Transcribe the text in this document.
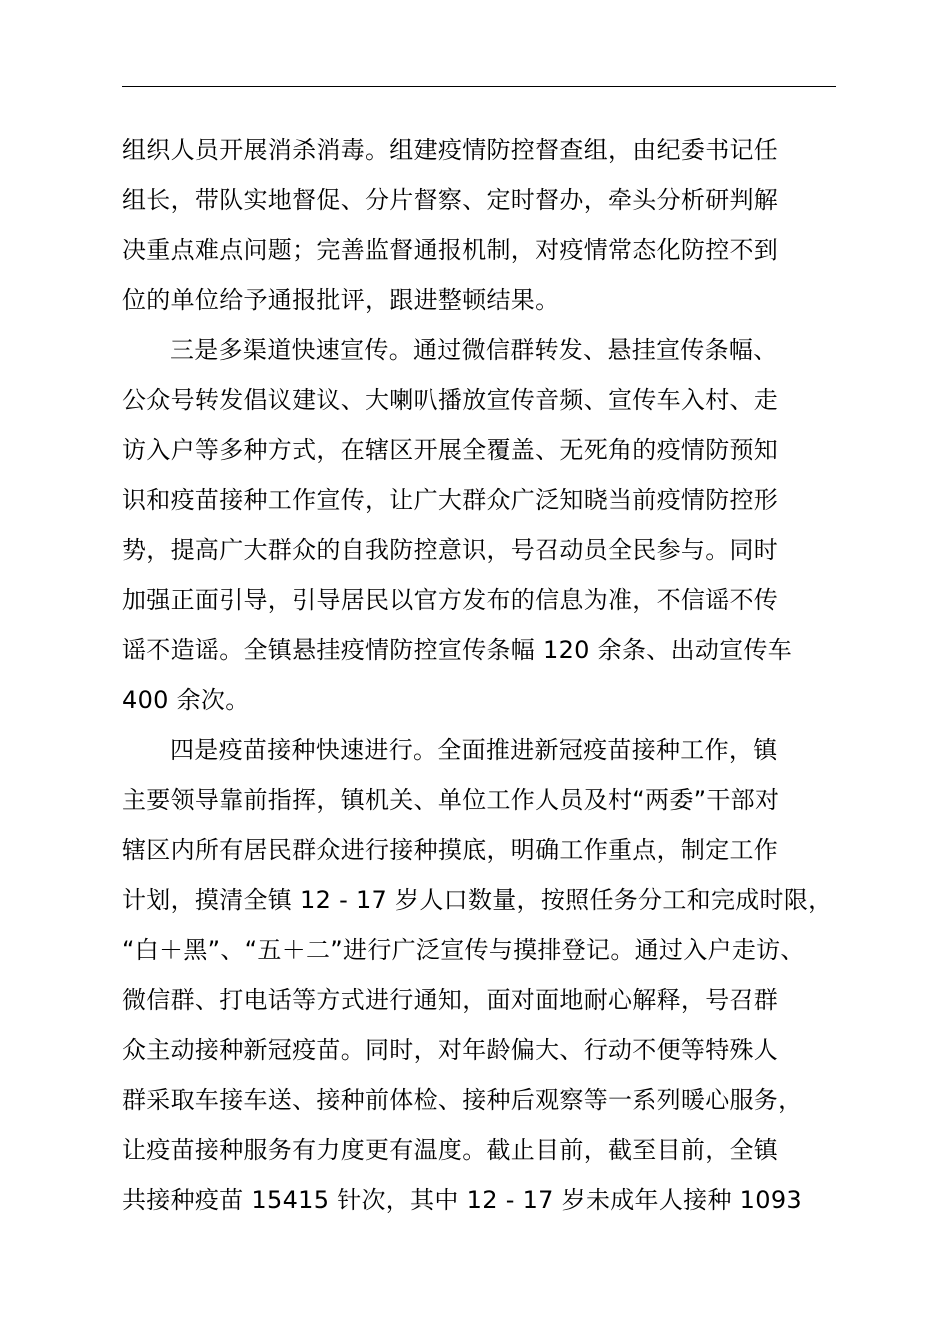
组织人员开展消杀消毒。组建疫情防控督查组，由纪委书记任
组长，带队实地督促、分片督察、定时督办，牵头分析研判解
决重点难点问题；完善监督通报机制，对疫情常态化防控不到
位的单位给予通报批评，跟进整顿结果。
三是多渠道快速宣传。通过微信群转发、悬挂宣传条幅、
公众号转发倡议建议、大喇叭播放宣传音频、宣传车入村、走
访入户等多种方式，在辖区开展全覆盖、无死角的疫情防预知
识和疫苗接种工作宣传，让广大群众广泛知晓当前疫情防控形
势，提高广大群众的自我防控意识，号召动员全民参与。同时
加强正面引导，引导居民以官方发布的信息为准，不信谣不传
谣不造谣。全镇悬挂疫情防控宣传条幅 120 余条、出动宣传车
400 余次。
四是疫苗接种快速进行。全面推进新冠疫苗接种工作，镇
主要领导靠前指挥，镇机关、单位工作人员及村“两委”干部对
辖区内所有居民群众进行接种摸底，明确工作重点，制定工作
计划，摸清全镇 12 - 17 岁人口数量，按照任务分工和完成时限，
“白＋黑”、“五＋二”进行广泛宣传与摸排登记。通过入户走访、
微信群、打电话等方式进行通知，面对面地耐心解释，号召群
众主动接种新冠疫苗。同时，对年龄偏大、行动不便等特殊人
群采取车接车送、接种前体检、接种后观察等一系列暖心服务，
让疫苗接种服务有力度更有温度。截止目前，截至目前，全镇
共接种疫苗 15415 针次，其中 12 - 17 岁未成年人接种 1093
